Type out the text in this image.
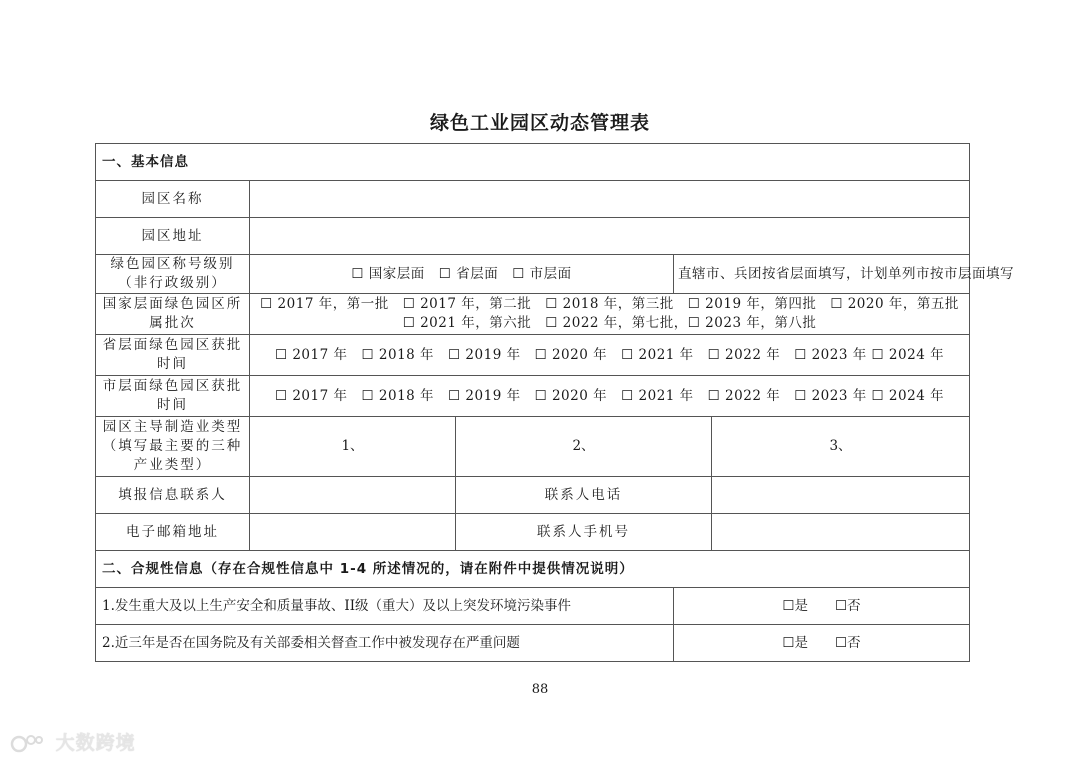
绿色工业园区动态管理表
一、基本信息				
园区名称				
园区地址				
绿色园区称号级别（非行政级别）	☐ 国家层面　☐ 省层面　☐ 市层面		直辖市、兵团按省层面填写，计划单列市按市层面填写	
国家层面绿色园区所属批次	☐ 2017 年，第一批　☐ 2017 年，第二批　☐ 2018 年，第三批　☐ 2019 年，第四批　☐ 2020 年，第五批
☐ 2021 年，第六批　☐ 2022 年，第七批，☐ 2023 年，第八批			

省层面绿色园区获批时间	☐ 2017 年　☐ 2018 年　☐ 2019 年　☐ 2020 年　☐ 2021 年　☐ 2022 年　☐ 2023 年 ☐ 2024 年			
市层面绿色园区获批时间	☐ 2017 年　☐ 2018 年　☐ 2019 年　☐ 2020 年　☐ 2021 年　☐ 2022 年　☐ 2023 年 ☐ 2024 年			
园区主导制造业类型（填写最主要的三种产业类型）	1、	2、		3、
填报信息联系人		联系人电话		
电子邮箱地址		联系人手机号		
二、合规性信息（存在合规性信息中 1-4 所述情况的，请在附件中提供情况说明）				
1.发生重大及以上生产安全和质量事故、II级（重大）及以上突发环境污染事件			☐是　　☐否	
2.近三年是否在国务院及有关部委相关督查工作中被发现存在严重问题			☐是　　☐否	
88
大数跨境
